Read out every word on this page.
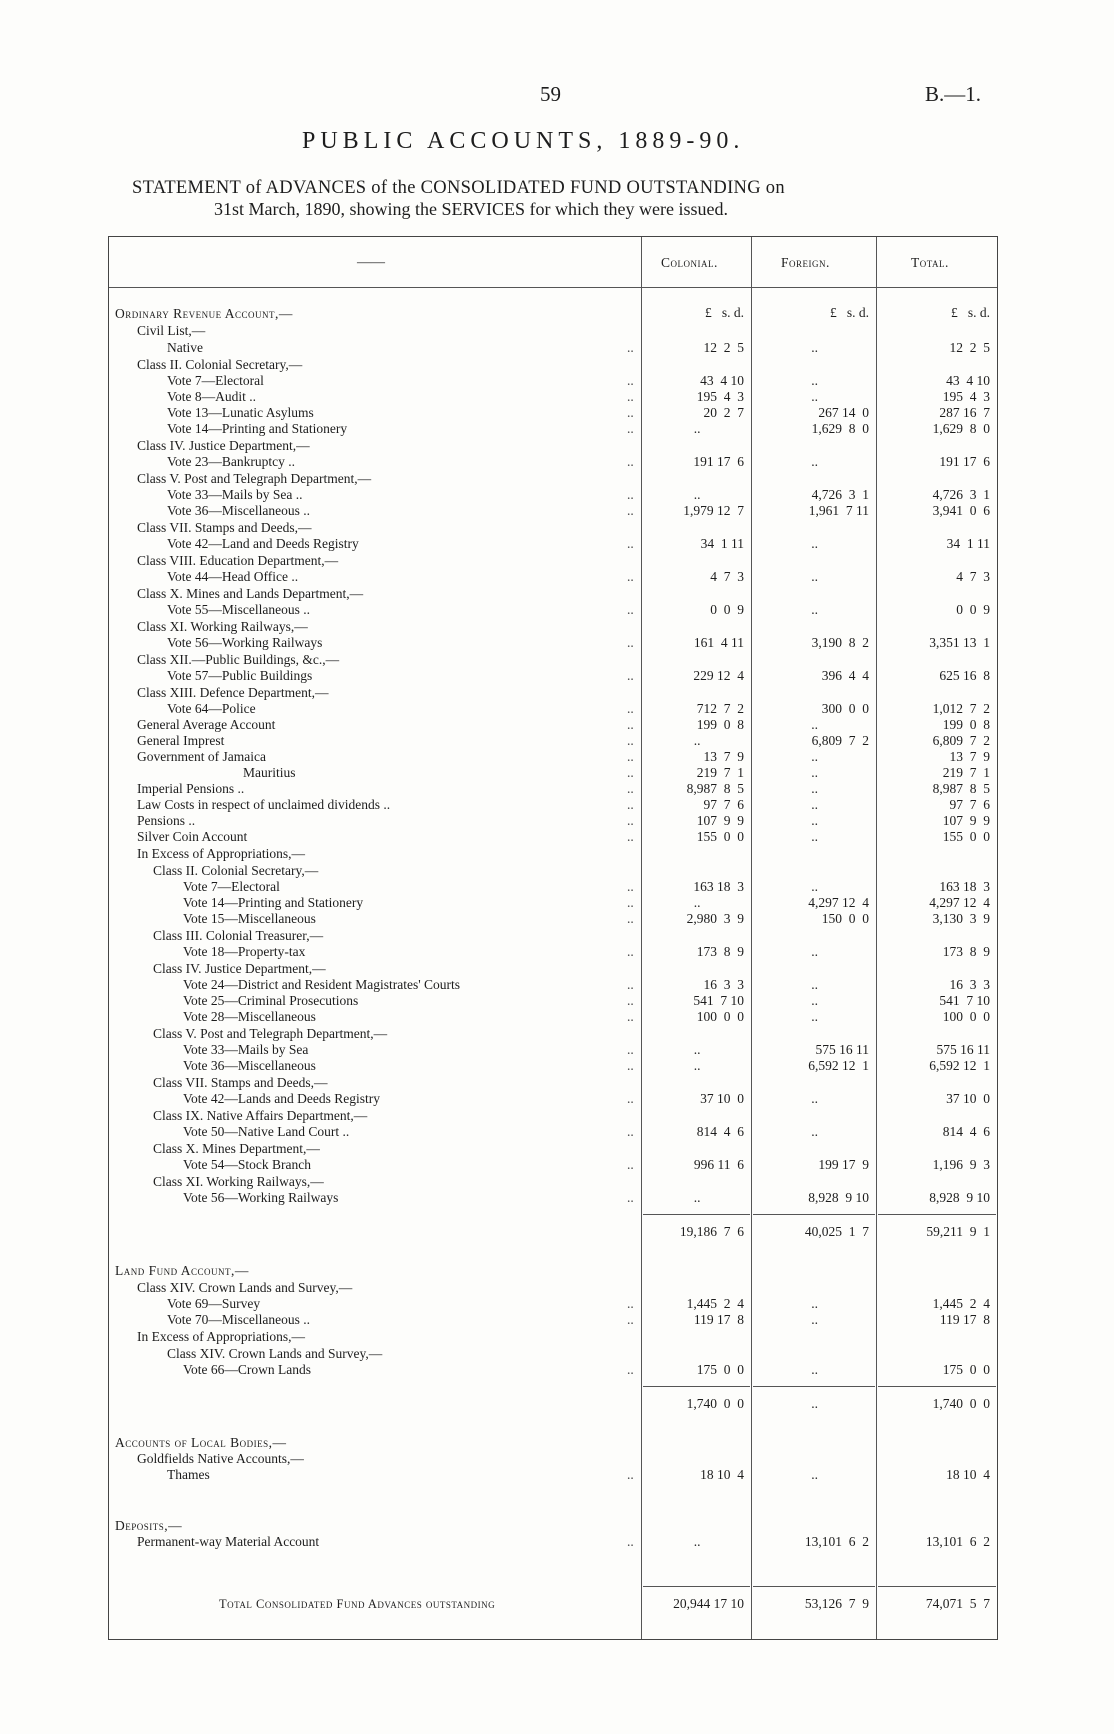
59	B.—1.
PUBLIC ACCOUNTS, 1889-90.
STATEMENT of ADVANCES of the CONSOLIDATED FUND OUTSTANDING on
31st March, 1890, showing the SERVICES for which they were issued.
——	Colonial.	Foreign.	Total.
£   s. d.	£   s. d.	£   s. d.
Ordinary Revenue Account,—
Civil List,—
Native	..	12  2  5	..	12  2  5
Class II. Colonial Secretary,—
Vote 7—Electoral	..	43  4 10	..	43  4 10
Vote 8—Audit ..	..	195  4  3	..	195  4  3
Vote 13—Lunatic Asylums	..	20  2  7	267 14  0	287 16  7
Vote 14—Printing and Stationery	..	..	1,629  8  0	1,629  8  0
Class IV. Justice Department,—
Vote 23—Bankruptcy ..	..	191 17  6	..	191 17  6
Class V. Post and Telegraph Department,—
Vote 33—Mails by Sea ..	..	..	4,726  3  1	4,726  3  1
Vote 36—Miscellaneous ..	..	1,979 12  7	1,961  7 11	3,941  0  6
Class VII. Stamps and Deeds,—
Vote 42—Land and Deeds Registry	..	34  1 11	..	34  1 11
Class VIII. Education Department,—
Vote 44—Head Office ..	..	4  7  3	..	4  7  3
Class X. Mines and Lands Department,—
Vote 55—Miscellaneous ..	..	0  0  9	..	0  0  9
Class XI. Working Railways,—
Vote 56—Working Railways	..	161  4 11	3,190  8  2	3,351 13  1
Class XII.—Public Buildings, &c.,—
Vote 57—Public Buildings	..	229 12  4	396  4  4	625 16  8
Class XIII. Defence Department,—
Vote 64—Police	..	712  7  2	300  0  0	1,012  7  2
General Average Account	..	199  0  8	..	199  0  8
General Imprest	..	..	6,809  7  2	6,809  7  2
Government of Jamaica	..	13  7  9	..	13  7  9
Mauritius	..	219  7  1	..	219  7  1
Imperial Pensions ..	..	8,987  8  5	..	8,987  8  5
Law Costs in respect of unclaimed dividends ..	..	97  7  6	..	97  7  6
Pensions ..	..	107  9  9	..	107  9  9
Silver Coin Account	..	155  0  0	..	155  0  0
In Excess of Appropriations,—
Class II. Colonial Secretary,—
Vote 7—Electoral	..	163 18  3	..	163 18  3
Vote 14—Printing and Stationery	..	..	4,297 12  4	4,297 12  4
Vote 15—Miscellaneous	..	2,980  3  9	150  0  0	3,130  3  9
Class III. Colonial Treasurer,—
Vote 18—Property-tax	..	173  8  9	..	173  8  9
Class IV. Justice Department,—
Vote 24—District and Resident Magistrates' Courts	..	16  3  3	..	16  3  3
Vote 25—Criminal Prosecutions	..	541  7 10	..	541  7 10
Vote 28—Miscellaneous	..	100  0  0	..	100  0  0
Class V. Post and Telegraph Department,—
Vote 33—Mails by Sea	..	..	575 16 11	575 16 11
Vote 36—Miscellaneous	..	..	6,592 12  1	6,592 12  1
Class VII. Stamps and Deeds,—
Vote 42—Lands and Deeds Registry	..	37 10  0	..	37 10  0
Class IX. Native Affairs Department,—
Vote 50—Native Land Court ..	..	814  4  6	..	814  4  6
Class X. Mines Department,—
Vote 54—Stock Branch	..	996 11  6	199 17  9	1,196  9  3
Class XI. Working Railways,—
Vote 56—Working Railways	..	..	8,928  9 10	8,928  9 10
19,186  7  6	40,025  1  7	59,211  9  1
Land Fund Account,—
Class XIV. Crown Lands and Survey,—
Vote 69—Survey	..	1,445  2  4	..	1,445  2  4
Vote 70—Miscellaneous ..	..	119 17  8	..	119 17  8
In Excess of Appropriations,—
Class XIV. Crown Lands and Survey,—
Vote 66—Crown Lands	..	175  0  0	..	175  0  0
1,740  0  0	..	1,740  0  0
Accounts of Local Bodies,—
Goldfields Native Accounts,—
Thames	..	18 10  4	..	18 10  4
Deposits,—
Permanent-way Material Account	..	..	13,101  6  2	13,101  6  2
Total Consolidated Fund Advances outstanding	20,944 17 10	53,126  7  9	74,071  5  7
